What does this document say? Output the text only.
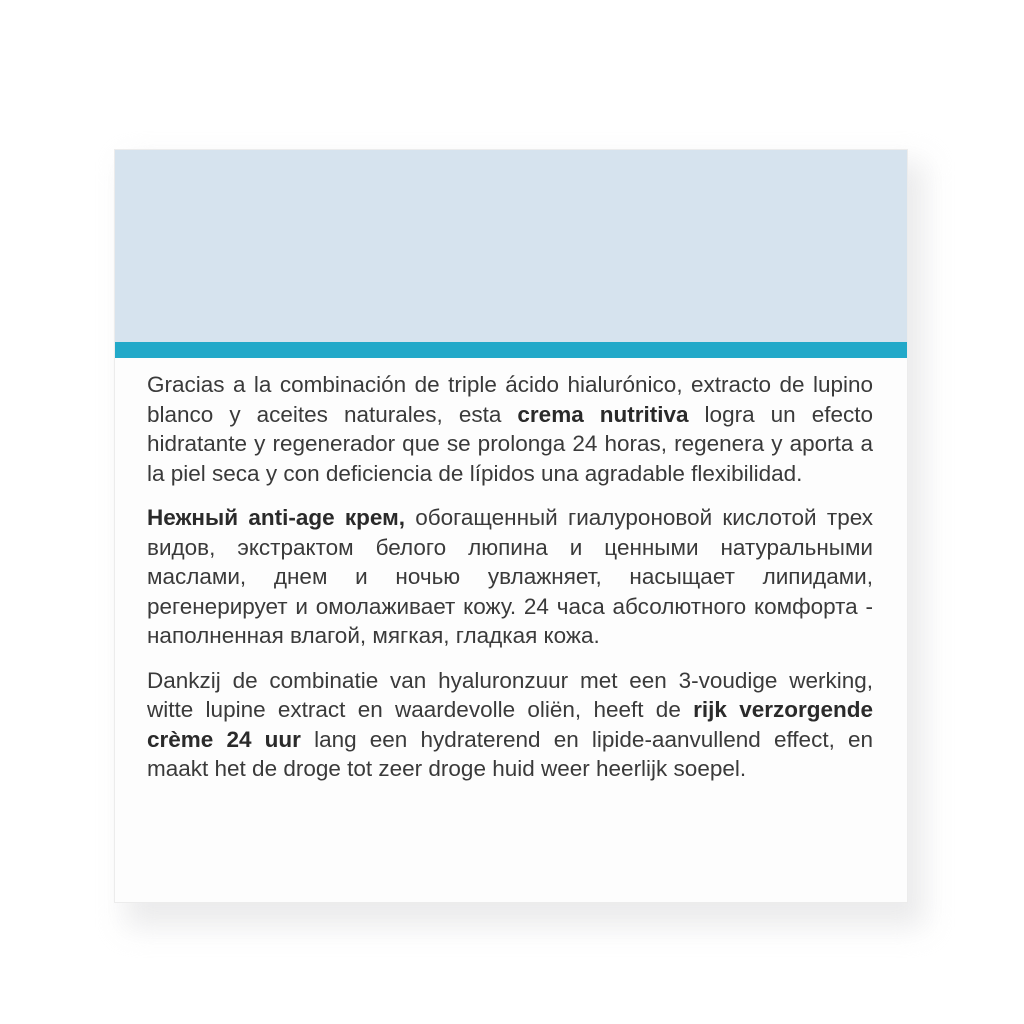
Gracias a la combinación de triple ácido hialurónico, extracto de lupino blanco y aceites naturales, esta crema nutritiva logra un efecto hidratante y regenerador que se prolonga 24 horas, regenera y aporta a la piel seca y con deficiencia de lípidos una agradable flexibilidad.

Нежный anti-age крем, обогащенный гиалуроновой кислотой трех видов, экстрактом белого люпина и ценными натуральными маслами, днем и ночью увлажняет, насыщает липидами, регенерирует и омолаживает кожу. 24 часа абсолютного комфорта - наполненная влагой, мягкая, гладкая кожа.

Dankzij de combinatie van hyaluronzuur met een 3-voudige werking, witte lupine extract en waardevolle oliën, heeft de rijk verzorgende crème 24 uur lang een hydraterend en lipide-aanvullend effect, en maakt het de droge tot zeer droge huid weer heerlijk soepel.
